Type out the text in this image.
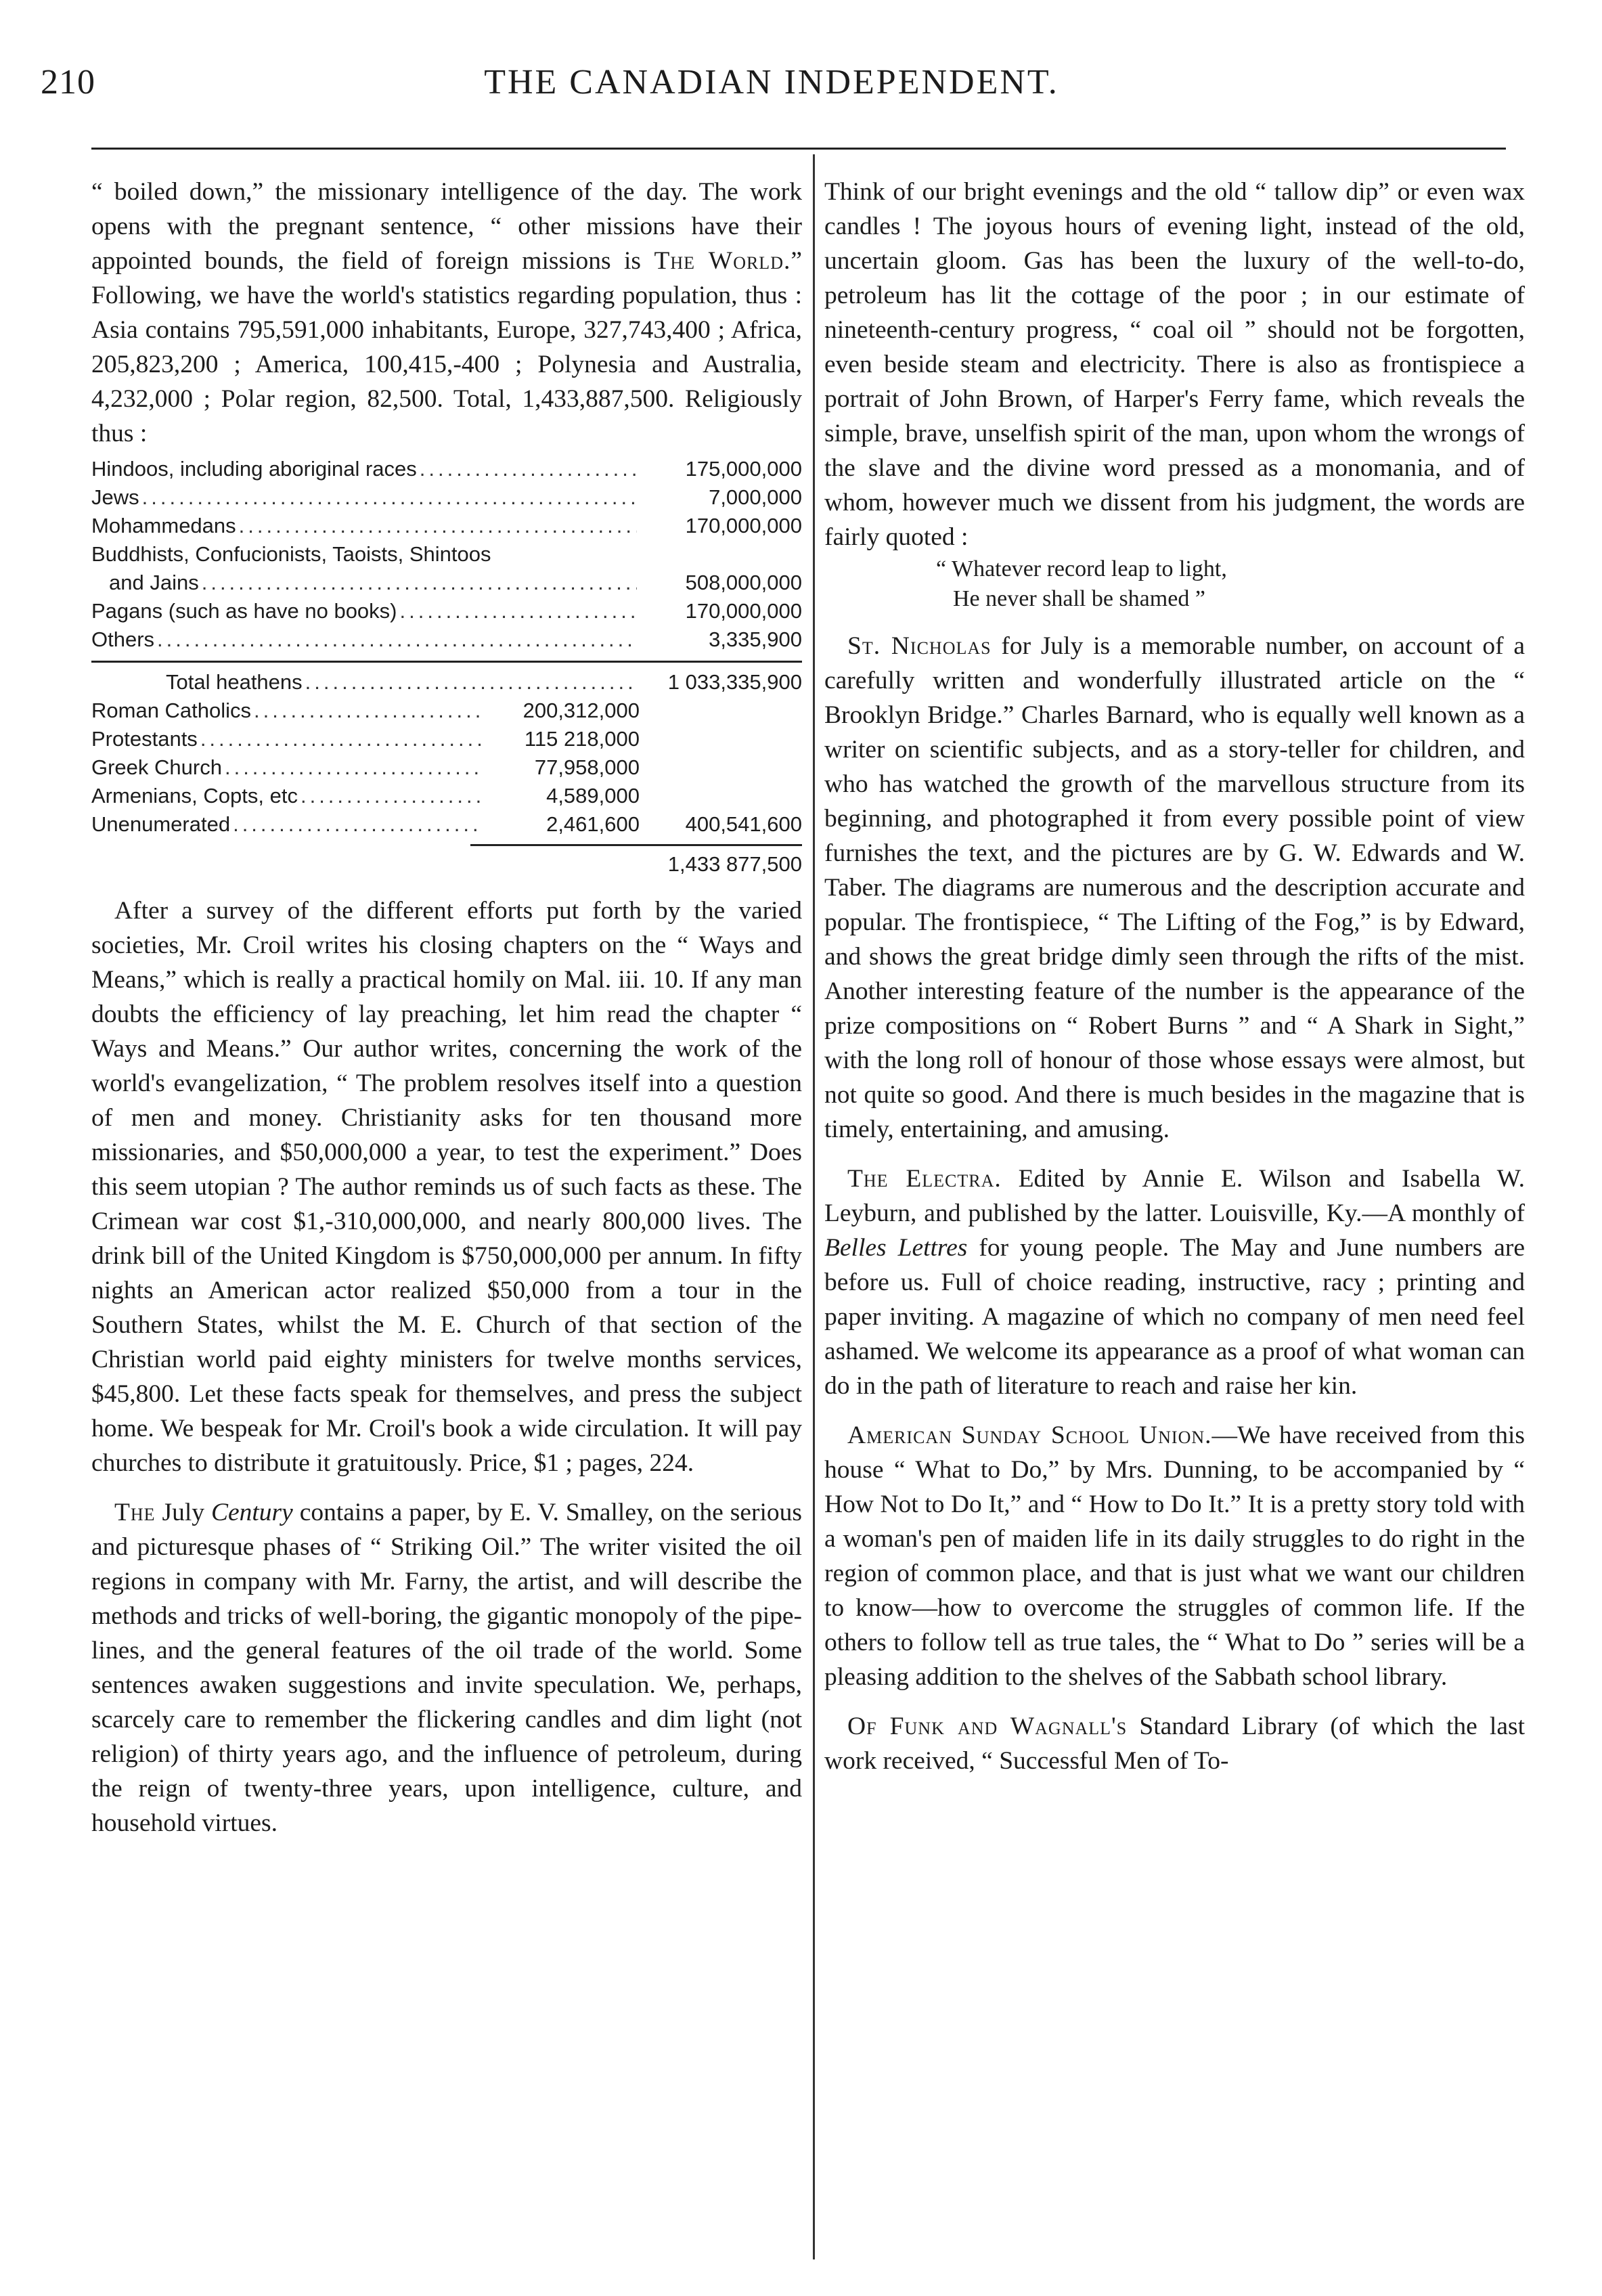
210	THE CANADIAN INDEPENDENT.

“ boiled down,” the missionary intelligence of the day. The work opens with the pregnant sentence, “ other missions have their appointed bounds, the field of foreign missions is The World.” Following, we have the world's statistics regarding population, thus : Asia contains 795,591,000 inhabitants, Europe, 327,743,400 ; Africa, 205,823,200 ; America, 100,415,-400 ; Polynesia and Australia, 4,232,000 ; Polar region, 82,500. Total, 1,433,887,500. Religiously thus :

Hindoos, including aboriginal races .....	175,000,000
Jews .....	7,000,000
Mohammedans .....	170,000,000
Buddhists, Confucionists, Taoists, Shintoos
and Jains .....	508,000,000
Pagans (such as have no books) .....	170,000,000
Others .....	3,335,900
Total heathens .....	1 033,335,900
Roman Catholics .....	200,312,000
Protestants .....	115 218,000
Greek Church .....	77,958,000
Armenians, Copts, etc .....	4,589,000
Unenumerated .....	2,461,600	400,541,600
1,433 877,500

After a survey of the different efforts put forth by the varied societies, Mr. Croil writes his closing chapters on the “ Ways and Means,” which is really a practical homily on Mal. iii. 10. If any man doubts the efficiency of lay preaching, let him read the chapter “ Ways and Means.” Our author writes, concerning the work of the world's evangelization, “ The problem resolves itself into a question of men and money. Christianity asks for ten thousand more missionaries, and $50,000,000 a year, to test the experiment.” Does this seem utopian ? The author reminds us of such facts as these. The Crimean war cost $1,-310,000,000, and nearly 800,000 lives. The drink bill of the United Kingdom is $750,000,000 per annum. In fifty nights an American actor realized $50,000 from a tour in the Southern States, whilst the M. E. Church of that section of the Christian world paid eighty ministers for twelve months services, $45,800. Let these facts speak for themselves, and press the subject home. We bespeak for Mr. Croil's book a wide circulation. It will pay churches to distribute it gratuitously. Price, $1 ; pages, 224.

The July Century contains a paper, by E. V. Smalley, on the serious and picturesque phases of “ Striking Oil.” The writer visited the oil regions in company with Mr. Farny, the artist, and will describe the methods and tricks of well-boring, the gigantic monopoly of the pipe-lines, and the general features of the oil trade of the world. Some sentences awaken suggestions and invite speculation. We, perhaps, scarcely care to remember the flickering candles and dim light (not religion) of thirty years ago, and the influence of petroleum, during the reign of twenty-three years, upon intelligence, culture, and household virtues.

Think of our bright evenings and the old “ tallow dip” or even wax candles ! The joyous hours of evening light, instead of the old, uncertain gloom. Gas has been the luxury of the well-to-do, petroleum has lit the cottage of the poor ; in our estimate of nineteenth-century progress, “ coal oil ” should not be forgotten, even beside steam and electricity. There is also as frontispiece a portrait of John Brown, of Harper's Ferry fame, which reveals the simple, brave, unselfish spirit of the man, upon whom the wrongs of the slave and the divine word pressed as a monomania, and of whom, however much we dissent from his judgment, the words are fairly quoted :

“ Whatever record leap to light,

He never shall be shamed ”

St. Nicholas for July is a memorable number, on account of a carefully written and wonderfully illustrated article on the “ Brooklyn Bridge.” Charles Barnard, who is equally well known as a writer on scientific subjects, and as a story-teller for children, and who has watched the growth of the marvellous structure from its beginning, and photographed it from every possible point of view furnishes the text, and the pictures are by G. W. Edwards and W. Taber. The diagrams are numerous and the description accurate and popular. The frontispiece, “ The Lifting of the Fog,” is by Edward, and shows the great bridge dimly seen through the rifts of the mist. Another interesting feature of the number is the appearance of the prize compositions on “ Robert Burns ” and “ A Shark in Sight,” with the long roll of honour of those whose essays were almost, but not quite so good. And there is much besides in the magazine that is timely, entertaining, and amusing.

The Electra. Edited by Annie E. Wilson and Isabella W. Leyburn, and published by the latter. Louisville, Ky.—A monthly of Belles Lettres for young people. The May and June numbers are before us. Full of choice reading, instructive, racy ; printing and paper inviting. A magazine of which no company of men need feel ashamed. We welcome its appearance as a proof of what woman can do in the path of literature to reach and raise her kin.

American Sunday School Union.—We have received from this house “ What to Do,” by Mrs. Dunning, to be accompanied by “ How Not to Do It,” and “ How to Do It.” It is a pretty story told with a woman's pen of maiden life in its daily struggles to do right in the region of common place, and that is just what we want our children to know—how to overcome the struggles of common life. If the others to follow tell as true tales, the “ What to Do ” series will be a pleasing addition to the shelves of the Sabbath school library.

Of Funk and Wagnall's Standard Library (of which the last work received, “ Successful Men of To-
